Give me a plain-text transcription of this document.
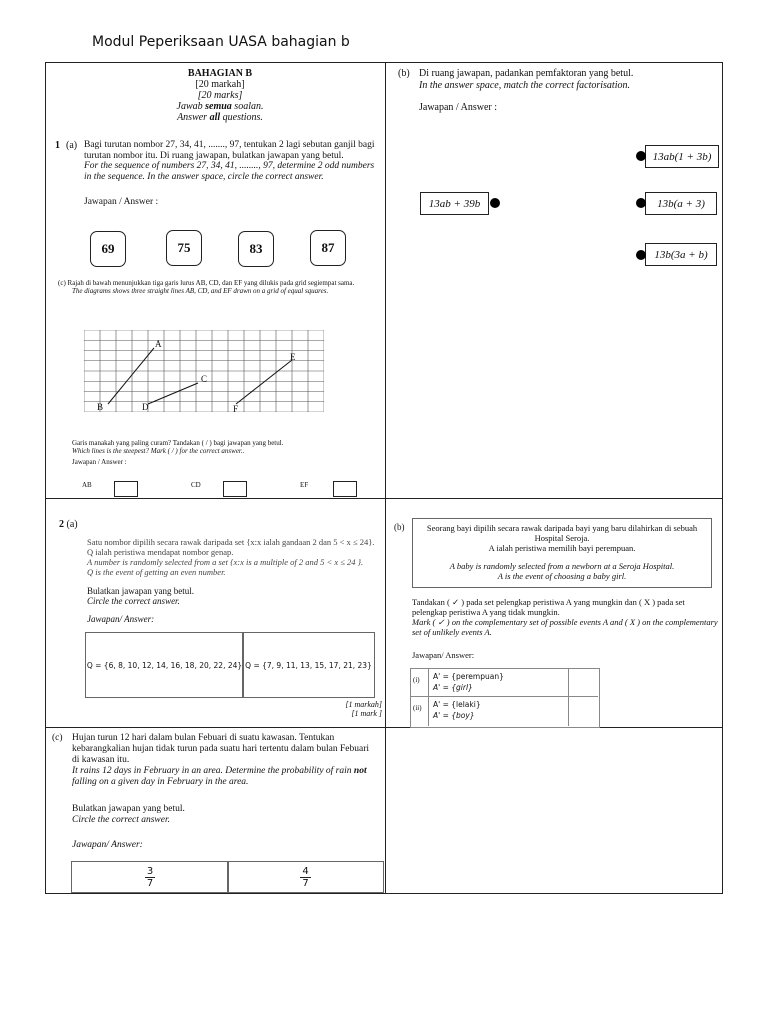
Modul Peperiksaan UASA bahagian b
BAHAGIAN B
[20 markah]
[20 marks]
Jawab semua soalan.
Answer all questions.
1 (a) Bagi turutan nombor 27, 34, 41, ......., 97, tentukan 2 lagi sebutan ganjil bagi turutan nombor itu. Di ruang jawapan, bulatkan jawapan yang betul.
For the sequence of numbers 27, 34, 41, ........, 97, determine 2 odd numbers in the sequence. In the answer space, circle the correct answer.
Jawapan / Answer :
69	75	83	87
(c) Rajah di bawah menunjukkan tiga garis lurus AB, CD, dan EF yang dilukis pada grid segiempat sama.
The diagrams shows three straight lines AB, CD, and EF drawn on a grid of equal squares.
A
B
C
D
E
F
Garis manakah yang paling curam? Tandakan ( / ) bagi jawapan yang betul.
Which lines is the steepest? Mark ( / ) for the correct answer..
Jawapan / Answer :
AB	CD	EF
(b) Di ruang jawapan, padankan pemfaktoran yang betul.
In the answer space, match the correct factorisation.
Jawapan / Answer :
13ab(1 + 3b)
13ab + 39b	13b(a + 3)
13b(3a + b)
2 (a)
Satu nombor dipilih secara rawak daripada set {x:x ialah gandaan 2 dan 5 < x ≤ 24}.
Q ialah peristiwa mendapat nombor genap.
A number is randomly selected from a set {x:x is a multiple of 2 and 5 < x ≤ 24 }.
Q is the event of getting an even number.
Bulatkan jawapan yang betul.
Circle the correct answer.
Jawapan/ Answer:
Q = {6, 8, 10, 12, 14, 16, 18, 20, 22, 24} Q = {7, 9, 11, 13, 15, 17, 21, 23}
[1 markah]
[1 mark ]
(b)	Seorang bayi dipilih secara rawak daripada bayi yang baru dilahirkan di sebuah Hospital Seroja.
A ialah peristiwa memilih bayi perempuan.
A baby is randomly selected from a newborn at a Seroja Hospital.
A is the event of choosing a baby girl.
Tandakan ( ✓ ) pada set pelengkap peristiwa A yang mungkin dan ( X ) pada set pelengkap peristiwa A yang tidak mungkin.
Mark ( ✓ ) on the complementary set of possible events A and ( X ) on the complementary set of unlikely events A.
Jawapan/ Answer:
(i) A' = {perempuan}
A' = {girl}
(ii) A' = {lelaki}
A' = {boy}
(c) Hujan turun 12 hari dalam bulan Febuari di suatu kawasan. Tentukan kebarangkalian hujan tidak turun pada suatu hari tertentu dalam bulan Febuari di kawasan itu.
It rains 12 days in February in an area. Determine the probability of rain not falling on a given day in February in the area.
Bulatkan jawapan yang betul.
Circle the correct answer.
Jawapan/ Answer:
$\frac{3}{7}$	$\frac{4}{7}$
